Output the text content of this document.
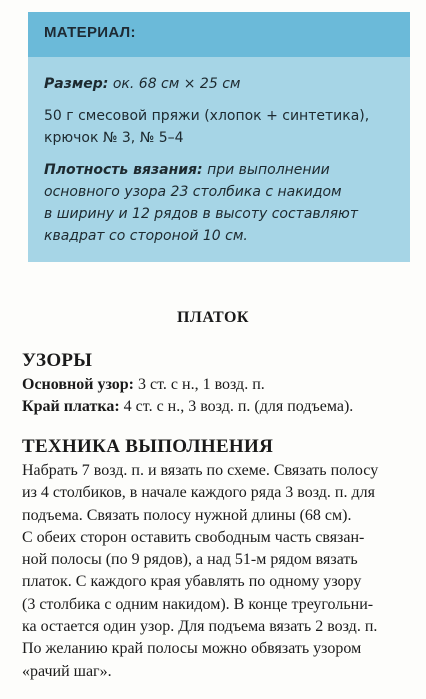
МАТЕРИАЛ:

Размер: ок. 68 см × 25 см

50 г смесовой пряжи (хлопок + синтетика),
крючок № 3, № 5–4

Плотность вязания: при выполнении
основного узора 23 столбика с накидом
в ширину и 12 рядов в высоту составляют
квадрат со стороной 10 см.

ПЛАТОК
УЗОРЫ
Основной узор: 3 ст. с н., 1 возд. п.
Край платка: 4 ст. с н., 3 возд. п. (для подъема).
ТЕХНИКА ВЫПОЛНЕНИЯ
Набрать 7 возд. п. и вязать по схеме. Связать полосу
из 4 столбиков, в начале каждого ряда 3 возд. п. для
подъема. Связать полосу нужной длины (68 см).
С обеих сторон оставить свободным часть связан-
ной полосы (по 9 рядов), а над 51-м рядом вязать
платок. С каждого края убавлять по одному узору
(3 столбика с одним накидом). В конце треугольни-
ка остается один узор. Для подъема вязать 2 возд. п.
По желанию край полосы можно обвязать узором
«рачий шаг».
